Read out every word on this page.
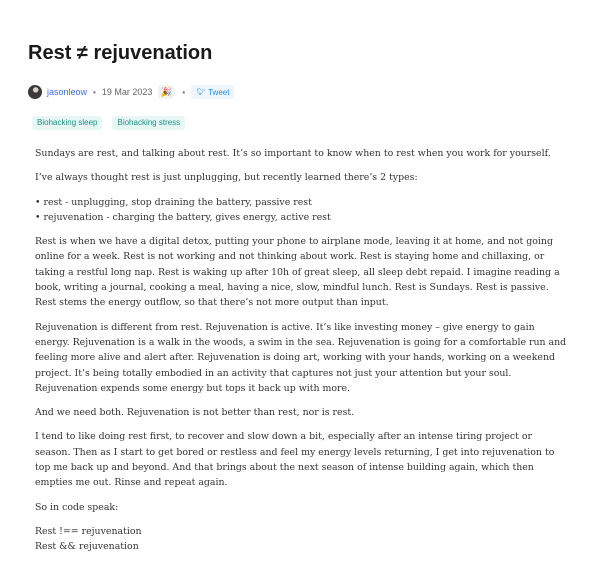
Rest ≠ rejuvenation
jasonleow • 19 Mar 2023 🎉 • 🐦︎ Tweet
Biohacking sleep	Biohacking stress

Sundays are rest, and talking about rest. It’s so important to know when to rest when you work for yourself.

I’ve always thought rest is just unplugging, but recently learned there’s 2 types:

• rest - unplugging, stop draining the battery, passive rest

• rejuvenation - charging the battery, gives energy, active rest

Rest is when we have a digital detox, putting your phone to airplane mode, leaving it at home, and not going online for a week. Rest is not working and not thinking about work. Rest is staying home and chillaxing, or taking a restful long nap. Rest is waking up after 10h of great sleep, all sleep debt repaid. I imagine reading a book, writing a journal, cooking a meal, having a nice, slow, mindful lunch. Rest is Sundays. Rest is passive. Rest stems the energy outflow, so that there’s not more output than input.

Rejuvenation is different from rest. Rejuvenation is active. It’s like investing money – give energy to gain energy. Rejuvenation is a walk in the woods, a swim in the sea. Rejuvenation is going for a comfortable run and feeling more alive and alert after. Rejuvenation is doing art, working with your hands, working on a weekend project. It’s being totally embodied in an activity that captures not just your attention but your soul. Rejuvenation expends some energy but tops it back up with more.

And we need both. Rejuvenation is not better than rest, nor is rest.

I tend to like doing rest first, to recover and slow down a bit, especially after an intense tiring project or season. Then as I start to get bored or restless and feel my energy levels returning, I get into rejuvenation to top me back up and beyond. And that brings about the next season of intense building again, which then empties me out. Rinse and repeat again.

So in code speak:

Rest !== rejuvenation

Rest && rejuvenation
